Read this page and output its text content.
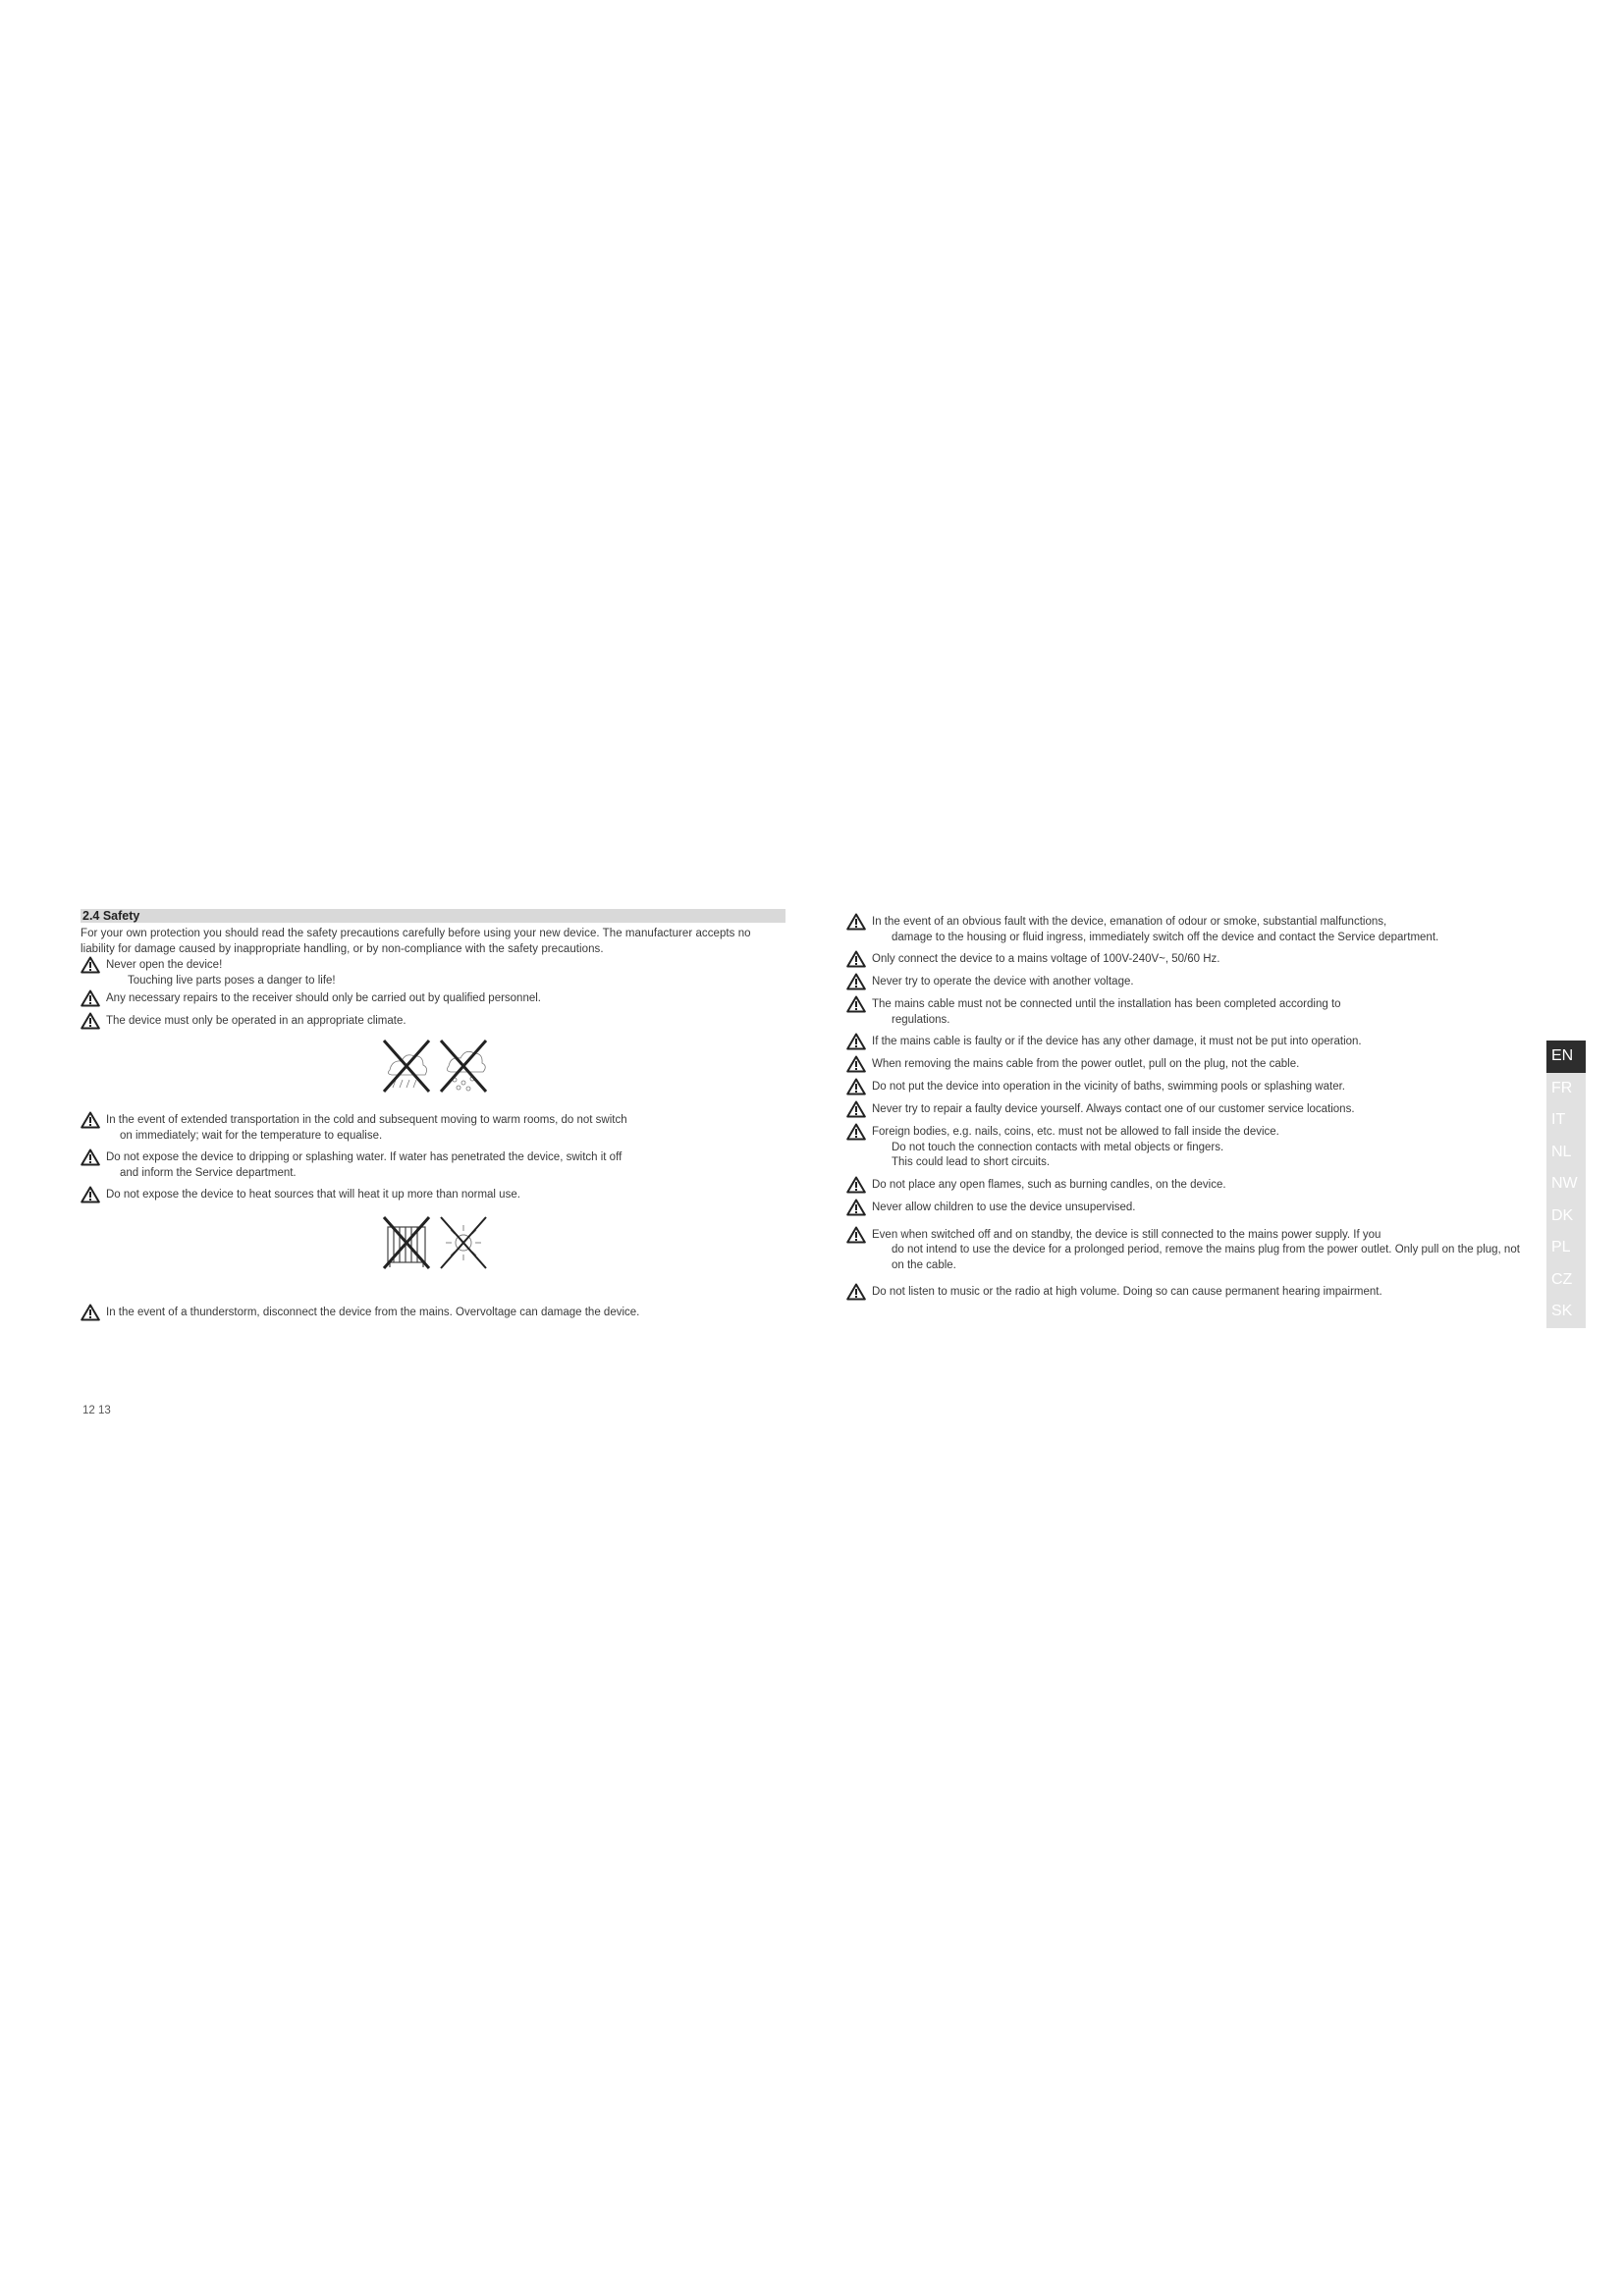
2.4 Safety

For your own protection you should read the safety precautions carefully before using your new device. The manufacturer accepts no liability for damage caused by inappropriate handling, or by non-compliance with the safety precautions.

Never open the device!
Touching live parts poses a danger to life!
Any necessary repairs to the receiver should only be carried out by qualified personnel.
The device must only be operated in an appropriate climate.
In the event of extended transportation in the cold and subsequent moving to warm rooms, do not switch
on immediately; wait for the temperature to equalise.
Do not expose the device to dripping or splashing water. If water has penetrated the device, switch it off
and inform the Service department.
Do not expose the device to heat sources that will heat it up more than normal use.
In the event of a thunderstorm, disconnect the device from the mains. Overvoltage can damage the device.
In the event of an obvious fault with the device, emanation of odour or smoke, substantial malfunctions,
damage to the housing or fluid ingress, immediately switch off the device and contact the Service department.
Only connect the device to a mains voltage of 100V-240V~, 50/60 Hz.
Never try to operate the device with another voltage.
The mains cable must not be connected until the installation has been completed according to
regulations.
If the mains cable is faulty or if the device has any other damage, it must not be put into operation.
When removing the mains cable from the power outlet, pull on the plug, not the cable.
Do not put the device into operation in the vicinity of baths, swimming pools or splashing water.
Never try to repair a faulty device yourself. Always contact one of our customer service locations.
Foreign bodies, e.g. nails, coins, etc. must not be allowed to fall inside the device.
Do not touch the connection contacts with metal objects or fingers.
This could lead to short circuits.
Do not place any open flames, such as burning candles, on the device.
Never allow children to use the device unsupervised.
Even when switched off and on standby, the device is still connected to the mains power supply. If you
do not intend to use the device for a prolonged period, remove the mains plug from the power outlet. Only pull on the plug, not on the cable.
Do not listen to music or the radio at high volume. Doing so can cause permanent hearing impairment.
12 13
EN
FR
IT
NL
NW
DK
PL
CZ
SK
